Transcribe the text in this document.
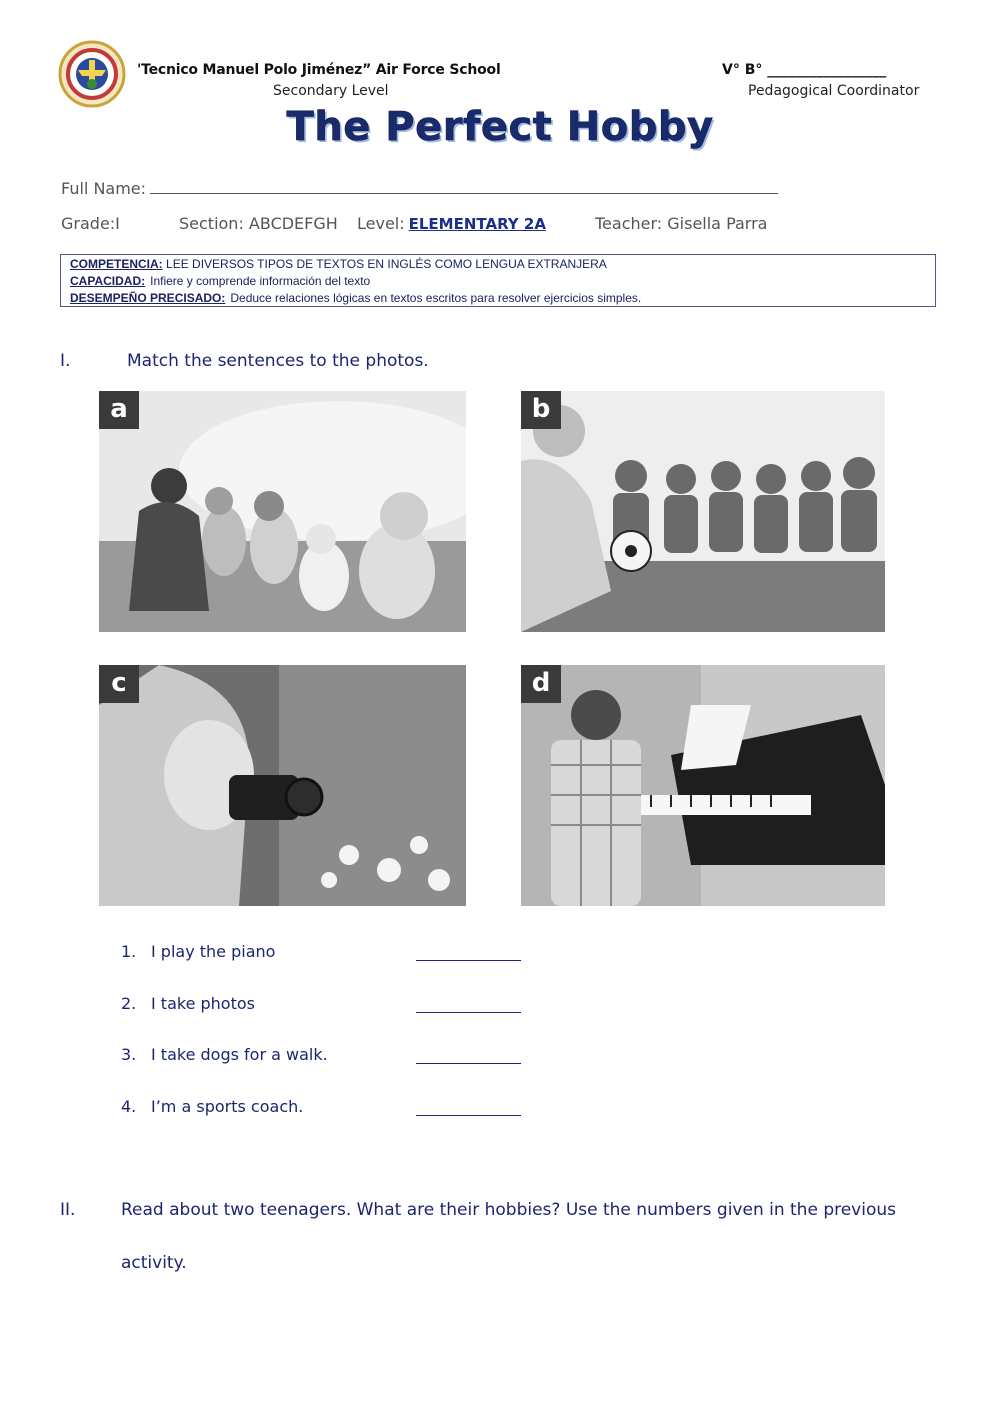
'Tecnico Manuel Polo Jiménez” Air Force School
Secondary Level
V° B° _________________
Pedagogical Coordinator
The Perfect Hobby
Full Name:
Grade:I	Section: ABCDEFGH Level: ELEMENTARY 2A	Teacher: Gisella Parra
COMPETENCIA: LEE DIVERSOS TIPOS DE TEXTOS EN INGLÉS COMO LENGUA EXTRANJERA
CAPACIDAD: Infiere y comprende información del texto
DESEMPEÑO PRECISADO: Deduce relaciones lógicas en textos escritos para resolver ejercicios simples.
I.	Match the sentences to the photos.
a	b
c	d
1. I play the piano
2. I take photos
3. I take dogs for a walk.
4. I’m a sports coach.
II.	Read about two teenagers. What are their hobbies? Use the numbers given in the previous activity.
